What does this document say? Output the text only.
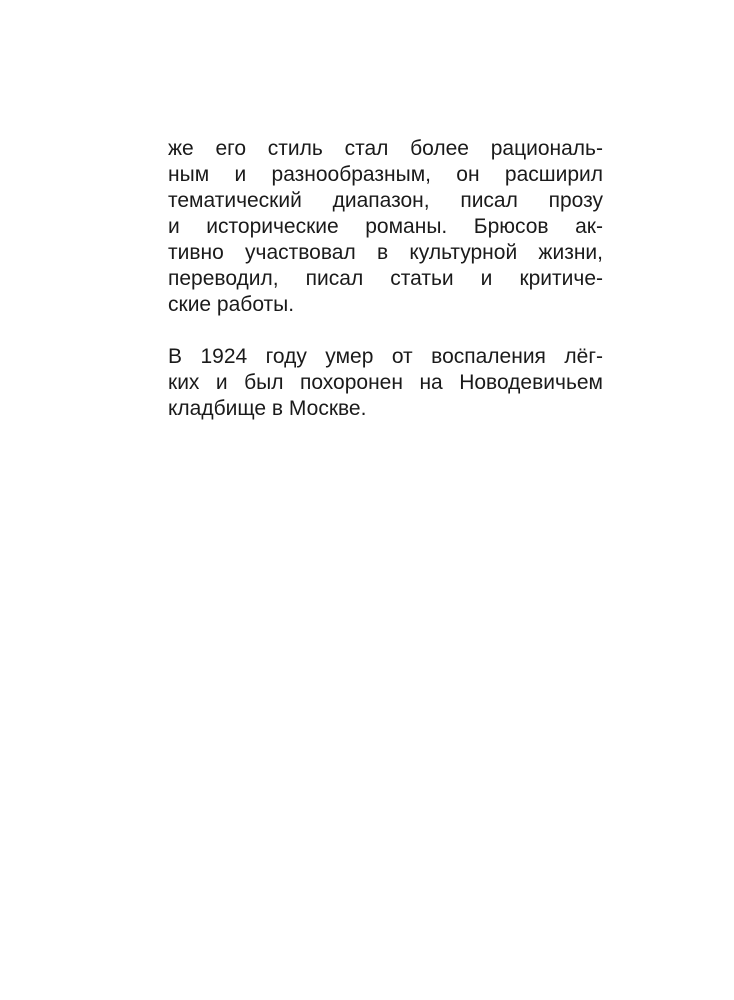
же его стиль стал более рациональ-
ным и разнообразным, он расширил
тематический диапазон, писал прозу
и исторические романы. Брюсов ак-
тивно участвовал в культурной жизни,
переводил, писал статьи и критиче-
ские работы.

В 1924 году умер от воспаления лёг-
ких и был похоронен на Новодевичьем
кладбище в Москве.
